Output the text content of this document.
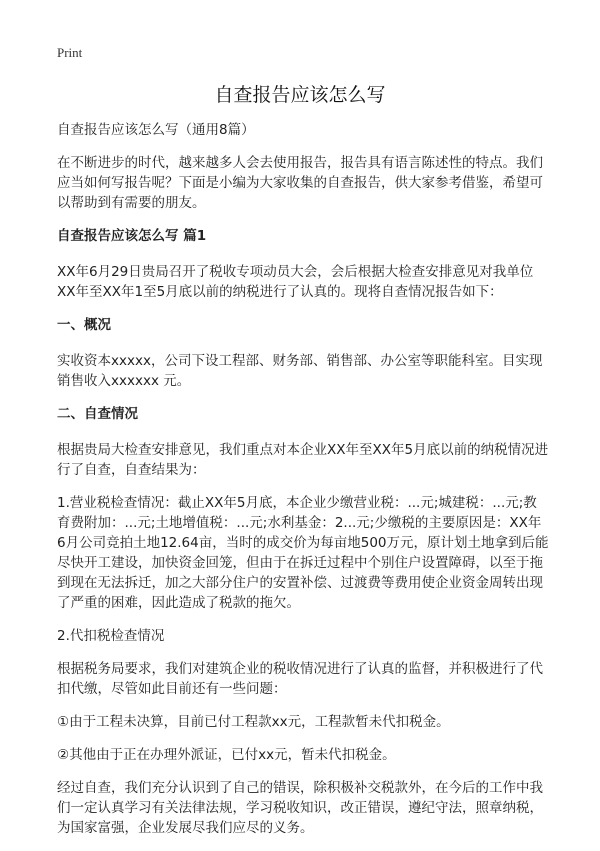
Print
自查报告应该怎么写

自查报告应该怎么写（通用8篇）

在不断进步的时代，越来越多人会去使用报告，报告具有语言陈述性的特点。我们应当如何写报告呢？下面是小编为大家收集的自查报告，供大家参考借鉴，希望可以帮助到有需要的朋友。

自查报告应该怎么写 篇1

XX年6月29日贵局召开了税收专项动员大会，会后根据大检查安排意见对我单位XX年至XX年1至5月底以前的纳税进行了认真的。现将自查情况报告如下：

一、概况

实收资本xxxxx，公司下设工程部、财务部、销售部、办公室等职能科室。目实现销售收入xxxxxx 元。

二、自查情况

根据贵局大检查安排意见，我们重点对本企业XX年至XX年5月底以前的纳税情况进行了自查，自查结果为：

1.营业税检查情况：截止XX年5月底，本企业少缴营业税：...元;城建税：...元;教育费附加：...元;土地增值税：...元;水利基金：2...元;少缴税的主要原因是：XX年6月公司竞拍土地12.64亩，当时的成交价为每亩地500万元，原计划土地拿到后能尽快开工建设，加快资金回笼，但由于在拆迁过程中个别住户设置障碍，以至于拖到现在无法拆迁，加之大部分住户的安置补偿、过渡费等费用使企业资金周转出现了严重的困难，因此造成了税款的拖欠。

2.代扣税检查情况

根据税务局要求，我们对建筑企业的税收情况进行了认真的监督，并积极进行了代扣代缴，尽管如此目前还有一些问题：

①由于工程未决算，目前已付工程款xx元，工程款暂未代扣税金。

②其他由于正在办理外派证，已付xx元，暂未代扣税金。

经过自查，我们充分认识到了自己的错误，除积极补交税款外，在今后的工作中我们一定认真学习有关法律法规，学习税收知识，改正错误，遵纪守法，照章纳税，为国家富强，企业发展尽我们应尽的义务。
